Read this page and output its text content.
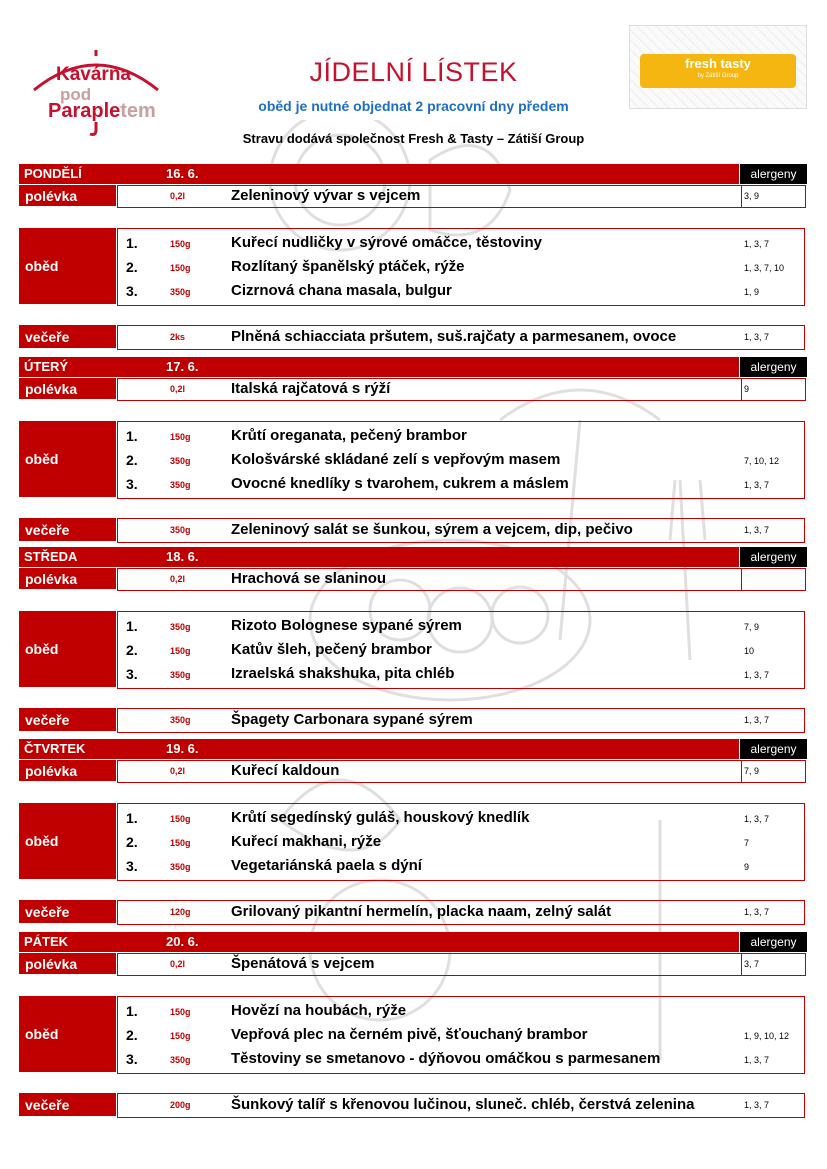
Kavárna
pod
Parapletem
JÍDELNÍ LÍSTEK
oběd je nutné objednat 2 pracovní dny předem
Stravu dodává společnost Fresh & Tasty – Zátiší Group
fresh tasty
by Zátiší Group
PONDĚLÍ	16. 6.	alergeny
polévka	0,2l	Zeleninový vývar s vejcem	3, 9
oběd
1.	150g	Kuřecí nudličky v sýrové omáčce, těstoviny	1, 3, 7
2.	150g	Rozlítaný španělský ptáček, rýže	1, 3, 7, 10
3.	350g	Cizrnová chana masala, bulgur	1, 9
večeře	2ks	Plněná schiacciata pršutem, suš.rajčaty a parmesanem, ovoce	1, 3, 7
ÚTERÝ	17. 6.	alergeny
polévka	0,2l	Italská rajčatová s rýží	9
oběd
1.	150g	Krůtí oreganata, pečený brambor
2.	350g	Kološvárské skládané zelí s vepřovým masem	7, 10, 12
3.	350g	Ovocné knedlíky s tvarohem, cukrem a máslem	1, 3, 7
večeře	350g	Zeleninový salát se šunkou, sýrem a vejcem, dip, pečivo	1, 3, 7
STŘEDA	18. 6.	alergeny
polévka	0,2l	Hrachová se slaninou
oběd
1.	350g	Rizoto Bolognese sypané sýrem	7, 9
2.	150g	Katův šleh, pečený brambor	10
3.	350g	Izraelská shakshuka, pita chléb	1, 3, 7
večeře	350g	Špagety Carbonara sypané sýrem	1, 3, 7
ČTVRTEK	19. 6.	alergeny
polévka	0,2l	Kuřecí kaldoun	7, 9
oběd
1.	150g	Krůtí segedínský guláš, houskový knedlík	1, 3, 7
2.	150g	Kuřecí makhani, rýže	7
3.	350g	Vegetariánská paela s dýní	9
večeře	120g	Grilovaný pikantní hermelín, placka naam, zelný salát	1, 3, 7
PÁTEK	20. 6.	alergeny
polévka	0,2l	Špenátová s vejcem	3, 7
oběd
1.	150g	Hovězí na houbách, rýže
2.	150g	Vepřová plec na černém pivě, šťouchaný brambor	1, 9, 10, 12
3.	350g	Těstoviny se smetanovo - dýňovou omáčkou s parmesanem	1, 3, 7
večeře	200g	Šunkový talíř s křenovou lučinou, sluneč. chléb, čerstvá zelenina	1, 3, 7
